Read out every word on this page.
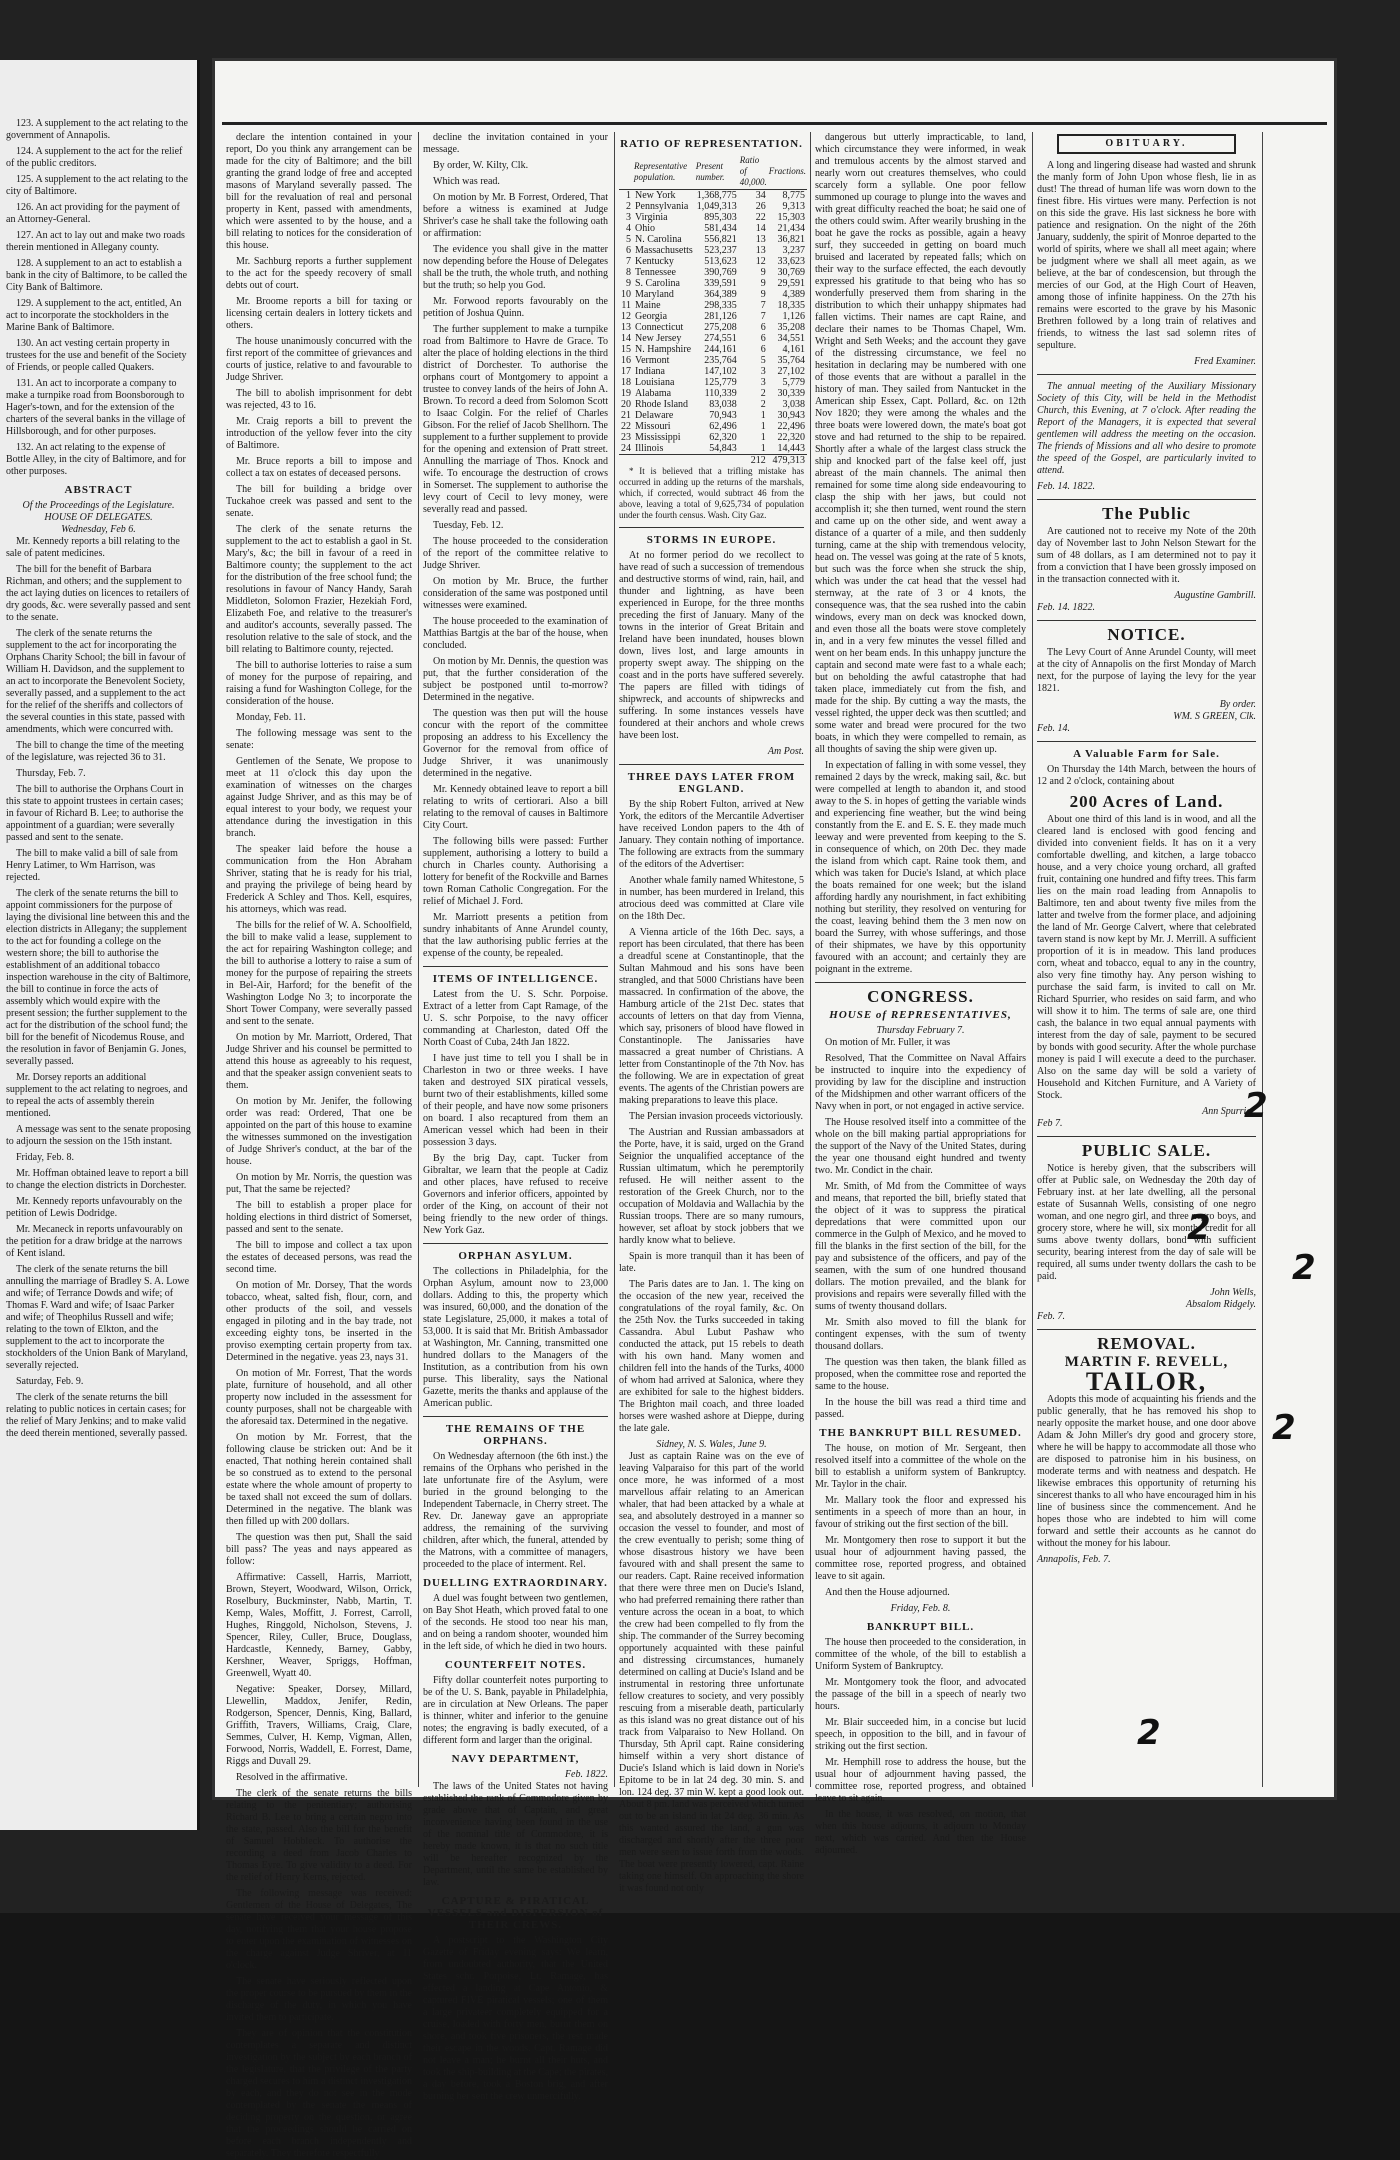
123. A supplement to the act relating to the government of Annapolis.

124. A supplement to the act for the relief of the public creditors.

125. A supplement to the act relating to the city of Baltimore.

126. An act providing for the payment of an Attorney-General.

127. An act to lay out and make two roads therein mentioned in Allegany county.

128. A supplement to an act to establish a bank in the city of Baltimore, to be called the City Bank of Baltimore.

129. A supplement to the act, entitled, An act to incorporate the stockholders in the Marine Bank of Baltimore.

130. An act vesting certain property in trustees for the use and benefit of the Society of Friends, or people called Quakers.

131. An act to incorporate a company to make a turnpike road from Boonsborough to Hager's-town, and for the extension of the charters of the several banks in the village of Hillsborough, and for other purposes.

132. An act relating to the expense of Bottle Alley, in the city of Baltimore, and for other purposes.

ABSTRACT
Of the Proceedings of the Legislature. HOUSE OF DELEGATES.
Wednesday, Feb 6.

Mr. Kennedy reports a bill relating to the sale of patent medicines.

The bill for the benefit of Barbara Richman, and others; and the supplement to the act laying duties on licences to retailers of dry goods, &c. were severally passed and sent to the senate.

The clerk of the senate returns the supplement to the act for incorporating the Orphans Charity School; the bill in favour of William H. Davidson, and the supplement to an act to incorporate the Benevolent Society, severally passed, and a supplement to the act for the relief of the sheriffs and collectors of the several counties in this state, passed with amendments, which were concurred with.

The bill to change the time of the meeting of the legislature, was rejected 36 to 31.

Thursday, Feb. 7.

The bill to authorise the Orphans Court in this state to appoint trustees in certain cases; in favour of Richard B. Lee; to authorise the appointment of a guardian; were severally passed and sent to the senate.

The bill to make valid a bill of sale from Henry Latimer, to Wm Harrison, was rejected.

The clerk of the senate returns the bill to appoint commissioners for the purpose of laying the divisional line between this and the election districts in Allegany; the supplement to the act for founding a college on the western shore; the bill to authorise the establishment of an additional tobacco inspection warehouse in the city of Baltimore, the bill to continue in force the acts of assembly which would expire with the present session; the further supplement to the act for the distribution of the school fund; the bill for the benefit of Nicodemus Rouse, and the resolution in favor of Benjamin G. Jones, severally passed.

Mr. Dorsey reports an additional supplement to the act relating to negroes, and to repeal the acts of assembly therein mentioned.

A message was sent to the senate proposing to adjourn the session on the 15th instant.

Friday, Feb. 8.

Mr. Hoffman obtained leave to report a bill to change the election districts in Dorchester.

Mr. Kennedy reports unfavourably on the petition of Lewis Dodridge.

Mr. Mecaneck in reports unfavourably on the petition for a draw bridge at the narrows of Kent island.

The clerk of the senate returns the bill annulling the marriage of Bradley S. A. Lowe and wife; of Terrance Dowds and wife; of Thomas F. Ward and wife; of Isaac Parker and wife; of Theophilus Russell and wife; relating to the town of Elkton, and the supplement to the act to incorporate the stockholders of the Union Bank of Maryland, severally rejected.

Saturday, Feb. 9.

The clerk of the senate returns the bill relating to public notices in certain cases; for the relief of Mary Jenkins; and to make valid the deed therein mentioned, severally passed.

declare the intention contained in your report, Do you think any arrangement can be made for the city of Baltimore; and the bill granting the grand lodge of free and accepted masons of Maryland severally passed. The bill for the revaluation of real and personal property in Kent, passed with amendments, which were assented to by the house, and a bill relating to notices for the consideration of this house.

Mr. Sachburg reports a further supplement to the act for the speedy recovery of small debts out of court.

Mr. Broome reports a bill for taxing or licensing certain dealers in lottery tickets and others.

The house unanimously concurred with the first report of the committee of grievances and courts of justice, relative to and favourable to Judge Shriver.

The bill to abolish imprisonment for debt was rejected, 43 to 16.

Mr. Craig reports a bill to prevent the introduction of the yellow fever into the city of Baltimore.

Mr. Bruce reports a bill to impose and collect a tax on estates of deceased persons.

The bill for building a bridge over Tuckahoe creek was passed and sent to the senate.

The clerk of the senate returns the supplement to the act to establish a gaol in St. Mary's, &c; the bill in favour of a reed in Baltimore county; the supplement to the act for the distribution of the free school fund; the resolutions in favour of Nancy Handy, Sarah Middleton, Solomon Frazier, Hezekiah Ford, Elizabeth Foe, and relative to the treasurer's and auditor's accounts, severally passed. The resolution relative to the sale of stock, and the bill relating to Baltimore county, rejected.

The bill to authorise lotteries to raise a sum of money for the purpose of repairing, and raising a fund for Washington College, for the consideration of the house.

Monday, Feb. 11.

The following message was sent to the senate:

Gentlemen of the Senate, We propose to meet at 11 o'clock this day upon the examination of witnesses on the charges against Judge Shriver, and as this may be of equal interest to your body, we request your attendance during the investigation in this branch.

The speaker laid before the house a communication from the Hon Abraham Shriver, stating that he is ready for his trial, and praying the privilege of being heard by Frederick A Schley and Thos. Kell, esquires, his attorneys, which was read.

The bills for the relief of W. A. Schoolfield, the bill to make valid a lease, supplement to the act for repairing Washington college; and the bill to authorise a lottery to raise a sum of money for the purpose of repairing the streets in Bel-Air, Harford; for the benefit of the Washington Lodge No 3; to incorporate the Short Tower Company, were severally passed and sent to the senate.

On motion by Mr. Marriott, Ordered, That Judge Shriver and his counsel be permitted to attend this house as agreeably to his request, and that the speaker assign convenient seats to them.

On motion by Mr. Jenifer, the following order was read: Ordered, That one be appointed on the part of this house to examine the witnesses summoned on the investigation of Judge Shriver's conduct, at the bar of the house.

On motion by Mr. Norris, the question was put, That the same be rejected?

The bill to establish a proper place for holding elections in third district of Somerset, passed and sent to the senate.

The bill to impose and collect a tax upon the estates of deceased persons, was read the second time.

On motion of Mr. Dorsey, That the words tobacco, wheat, salted fish, flour, corn, and other products of the soil, and vessels engaged in piloting and in the bay trade, not exceeding eighty tons, be inserted in the proviso exempting certain property from tax. Determined in the negative. yeas 23, nays 31.

On motion of Mr. Forrest, That the words plate, furniture of household, and all other property now included in the assessment for county purposes, shall not be chargeable with the aforesaid tax. Determined in the negative.

On motion by Mr. Forrest, that the following clause be stricken out: And be it enacted, That nothing herein contained shall be so construed as to extend to the personal estate where the whole amount of property to be taxed shall not exceed the sum of dollars. Determined in the negative. The blank was then filled up with 200 dollars.

The question was then put, Shall the said bill pass? The yeas and nays appeared as follow:

Affirmative: Cassell, Harris, Marriott, Brown, Steyert, Woodward, Wilson, Orrick, Roselbury, Buckminster, Nabb, Martin, T. Kemp, Wales, Moffitt, J. Forrest, Carroll, Hughes, Ringgold, Nicholson, Stevens, J. Spencer, Riley, Culler, Bruce, Douglass, Hardcastle, Kennedy, Barney, Gabby, Kershner, Weaver, Spriggs, Hoffman, Greenwell, Wyatt 40.

Negative: Speaker, Dorsey, Millard, Llewellin, Maddox, Jenifer, Redin, Rodgerson, Spencer, Dennis, King, Ballard, Griffith, Travers, Williams, Craig, Clare, Semmes, Culver, H. Kemp, Vigman, Allen, Forwood, Norris, Waddell, E. Forrest, Dame, Riggs and Duvall 29.

Resolved in the affirmative.

The clerk of the senate returns the bills relating to the penitentiary; authorising Richard B. Lee to bring a certain negro into the state, passed. Also the bill for the benefit of Samuel Hobbleck. To authorise the recording a deed from Jacob Charles to Thomas Eyre. To give validity to a deed. For the relief of Henry Kerns, rejected.

The following message was received: Gentlemen of the House of Delegates, The senate have received your message of this day, notifying them that your house propose to enter upon the examination of witnesses on the charge against Judge Shriver, at 11 o'clock.

The senate have seriously reflected upon the proper course to be pursued by them in the discharge of the duty, in which you have invited them to participate.

They are of opinion that the constitution contemplates a separate and distinct investigation by the subject by each branch of the legislature, that the privilege of the party charged secures to him a distinct investigation by each, and they do not see in the mode contemplated by the senate the means of deciding property on the question, or agree that the proceedings should be carried on before each branch independently and separately. They therefore respectfully

decline the invitation contained in your message.

By order, W. Kilty, Clk.

Which was read.

On motion by Mr. B Forrest, Ordered, That before a witness is examined at Judge Shriver's case he shall take the following oath or affirmation:

The evidence you shall give in the matter now depending before the House of Delegates shall be the truth, the whole truth, and nothing but the truth; so help you God.

Mr. Forwood reports favourably on the petition of Joshua Quinn.

The further supplement to make a turnpike road from Baltimore to Havre de Grace. To alter the place of holding elections in the third district of Dorchester. To authorise the orphans court of Montgomery to appoint a trustee to convey lands of the heirs of John A. Brown. To record a deed from Solomon Scott to Isaac Colgin. For the relief of Charles Gibson. For the relief of Jacob Shellhorn. The supplement to a further supplement to provide for the opening and extension of Pratt street. Annulling the marriage of Thos. Knock and wife. To encourage the destruction of crows in Somerset. The supplement to authorise the levy court of Cecil to levy money, were severally read and passed.

Tuesday, Feb. 12.

The house proceeded to the consideration of the report of the committee relative to Judge Shriver.

On motion by Mr. Bruce, the further consideration of the same was postponed until witnesses were examined.

The house proceeded to the examination of Matthias Bartgis at the bar of the house, when concluded.

On motion by Mr. Dennis, the question was put, that the further consideration of the subject be postponed until to-morrow? Determined in the negative.

The question was then put will the house concur with the report of the committee proposing an address to his Excellency the Governor for the removal from office of Judge Shriver, it was unanimously determined in the negative.

Mr. Kennedy obtained leave to report a bill relating to writs of certiorari. Also a bill relating to the removal of causes in Baltimore City Court.

The following bills were passed: Further supplement, authorising a lottery to build a church in Charles county. Authorising a lottery for benefit of the Rockville and Barnes town Roman Catholic Congregation. For the relief of Michael J. Ford.

Mr. Marriott presents a petition from sundry inhabitants of Anne Arundel county, that the law authorising public ferries at the expense of the county, be repealed.

ITEMS OF INTELLIGENCE.

Latest from the U. S. Schr. Porpoise. Extract of a letter from Capt Ramage, of the U. S. schr Porpoise, to the navy officer commanding at Charleston, dated Off the North Coast of Cuba, 24th Jan 1822.

I have just time to tell you I shall be in Charleston in two or three weeks. I have taken and destroyed SIX piratical vessels, burnt two of their establishments, killed some of their people, and have now some prisoners on board. I also recaptured from them an American vessel which had been in their possession 3 days.

By the brig Day, capt. Tucker from Gibraltar, we learn that the people at Cadiz and other places, have refused to receive Governors and inferior officers, appointed by order of the King, on account of their not being friendly to the new order of things. New York Gaz.

ORPHAN ASYLUM.

The collections in Philadelphia, for the Orphan Asylum, amount now to 23,000 dollars. Adding to this, the property which was insured, 60,000, and the donation of the state Legislature, 25,000, it makes a total of 53,000. It is said that Mr. British Ambassador at Washington, Mr. Canning, transmitted one hundred dollars to the Managers of the Institution, as a contribution from his own purse. This liberality, says the National Gazette, merits the thanks and applause of the American public.

THE REMAINS OF THE ORPHANS.

On Wednesday afternoon (the 6th inst.) the remains of the Orphans who perished in the late unfortunate fire of the Asylum, were buried in the ground belonging to the Independent Tabernacle, in Cherry street. The Rev. Dr. Janeway gave an appropriate address, the remaining of the surviving children, after which, the funeral, attended by the Matrons, with a committee of managers, proceeded to the place of interment. Rel.

DUELLING EXTRAORDINARY.

A duel was fought between two gentlemen, on Bay Shot Heath, which proved fatal to one of the seconds. He stood too near his man, and on being a random shooter, wounded him in the left side, of which he died in two hours.

COUNTERFEIT NOTES.

Fifty dollar counterfeit notes purporting to be of the U. S. Bank, payable in Philadelphia, are in circulation at New Orleans. The paper is thinner, whiter and inferior to the genuine notes; the engraving is badly executed, of a different form and larger than the original.

NAVY DEPARTMENT,
Feb. 1822.

The laws of the United States not having established the rank of Commodore given by grade above that of Captain, and great inconvenience having been found in the use of the nominal title of Commodore, it is hereby made known, it is that no such title will be hereafter recognized by the Department, until the same be established by law.

CAPTURE & PIRATICAL VESSELS and DISPERSION of THEIR CREWS.

A postscript to the Washington City Gazette of Friday evening says: We learn, from undoubted authority, that the United States schr. Porpoise, Lt. Ramage, has effected a landing at Cape Antonio, & captured FIVE piratical vessels; one of them a large privateer completely equipped for a cruise, loaded with forty men, burnt them on shore, and took five prisoners, the rest made their escape in the woods. Capt. Ramage did not leave a man; he burnt all their huts, and took the ship-building at the Cape; the pirates, a day before, took a Boston brig, and after burning her sent the crew unmercifully.

RATIO OF REPRESENTATION.
	Representative population.	Present number.	Ratio of 40,000.	Fractions.
1	New York	1,368,775	34	8,775
2	Pennsylvania	1,049,313	26	9,313
3	Virginia	895,303	22	15,303
4	Ohio	581,434	14	21,434
5	N. Carolina	556,821	13	36,821
6	Massachusetts	523,237	13	3,237
7	Kentucky	513,623	12	33,623
8	Tennessee	390,769	9	30,769
9	S. Carolina	339,591	9	29,591
10	Maryland	364,389	9	4,389
11	Maine	298,335	7	18,335
12	Georgia	281,126	7	1,126
13	Connecticut	275,208	6	35,208
14	New Jersey	274,551	6	34,551
15	N. Hampshire	244,161	6	4,161
16	Vermont	235,764	5	35,764
17	Indiana	147,102	3	27,102
18	Louisiana	125,779	3	5,779
19	Alabama	110,339	2	30,339
20	Rhode Island	83,038	2	3,038
21	Delaware	70,943	1	30,943
22	Missouri	62,496	1	22,496
23	Mississippi	62,320	1	22,320
24	Illinois	54,843	1	14,443
			212	479,313

* It is believed that a trifling mistake has occurred in adding up the returns of the marshals, which, if corrected, would subtract 46 from the above, leaving a total of 9,625,734 of population under the fourth census. Wash. City Gaz.

STORMS IN EUROPE.

At no former period do we recollect to have read of such a succession of tremendous and destructive storms of wind, rain, hail, and thunder and lightning, as have been experienced in Europe, for the three months preceding the first of January. Many of the towns in the interior of Great Britain and Ireland have been inundated, houses blown down, lives lost, and large amounts in property swept away. The shipping on the coast and in the ports have suffered severely. The papers are filled with tidings of shipwreck, and accounts of shipwrecks and suffering. In some instances vessels have foundered at their anchors and whole crews have been lost.

Am Post.
THREE DAYS LATER FROM ENGLAND.

By the ship Robert Fulton, arrived at New York, the editors of the Mercantile Advertiser have received London papers to the 4th of January. They contain nothing of importance. The following are extracts from the summary of the editors of the Advertiser:

Another whale family named Whitestone, 5 in number, has been murdered in Ireland, this atrocious deed was committed at Clare vile on the 18th Dec.

A Vienna article of the 16th Dec. says, a report has been circulated, that there has been a dreadful scene at Constantinople, that the Sultan Mahmoud and his sons have been strangled, and that 5000 Christians have been massacred. In confirmation of the above, the Hamburg article of the 21st Dec. states that accounts of letters on that day from Vienna, which say, prisoners of blood have flowed in Constantinople. The Janissaries have massacred a great number of Christians. A letter from Constantinople of the 7th Nov. has the following. We are in expectation of great events. The agents of the Christian powers are making preparations to leave this place.

The Persian invasion proceeds victoriously.

The Austrian and Russian ambassadors at the Porte, have, it is said, urged on the Grand Seignior the unqualified acceptance of the Russian ultimatum, which he peremptorily refused. He will neither assent to the restoration of the Greek Church, nor to the occupation of Moldavia and Wallachia by the Russian troops. There are so many rumours, however, set afloat by stock jobbers that we hardly know what to believe.

Spain is more tranquil than it has been of late.

The Paris dates are to Jan. 1. The king on the occasion of the new year, received the congratulations of the royal family, &c. On the 25th Nov. the Turks succeeded in taking Cassandra. Abul Lubut Pashaw who conducted the attack, put 15 rebels to death with his own hand. Many women and children fell into the hands of the Turks, 4000 of whom had arrived at Salonica, where they are exhibited for sale to the highest bidders. The Brighton mail coach, and three loaded horses were washed ashore at Dieppe, during the late gale.

Sidney, N. S. Wales, June 9.

Just as captain Raine was on the eve of leaving Valparaiso for this part of the world once more, he was informed of a most marvellous affair relating to an American whaler, that had been attacked by a whale at sea, and absolutely destroyed in a manner so occasion the vessel to founder, and most of the crew eventually to perish; some thing of whose disastrous history we have been favoured with and shall present the same to our readers. Capt. Raine received information that there were three men on Ducie's Island, who had preferred remaining there rather than venture across the ocean in a boat, to which the crew had been compelled to fly from the ship. The commander of the Surrey becoming opportunely acquainted with these painful and distressing circumstances, humanely determined on calling at Ducie's Island and be instrumental in restoring three unfortunate fellow creatures to society, and very possibly rescuing from a miserable death, particularly as this island was no great distance out of his track from Valparaiso to New Holland. On Thursday, 5th April capt. Raine considering himself within a very short distance of Ducie's Island which is laid down in Norie's Epitome to be in lat 24 deg. 30 min. S. and lon. 124 deg. 37 min W. kept a good look out. About 8 pm. land was perceived which turned out to be an island in lat 24 deg. 36 min. As this wanted assured the land, a gun was discharged and shortly after the three poor men were seen to issue forth from the woods. The boat were presently lowered, capt. Raine taking one himself. On approaching the shore it was found not only

dangerous but utterly impracticable, to land, which circumstance they were informed, in weak and tremulous accents by the almost starved and nearly worn out creatures themselves, who could scarcely form a syllable. One poor fellow summoned up courage to plunge into the waves and with great difficulty reached the boat; he said one of the others could swim. After wearily brushing in the boat he gave the rocks as possible, again a heavy surf, they succeeded in getting on board much bruised and lacerated by repeated falls; which on their way to the surface effected, the each devoutly expressed his gratitude to that being who has so wonderfully preserved them from sharing in the distribution to which their unhappy shipmates had fallen victims. Their names are capt Raine, and declare their names to be Thomas Chapel, Wm. Wright and Seth Weeks; and the account they gave of the distressing circumstance, we feel no hesitation in declaring may be numbered with one of those events that are without a parallel in the history of man. They sailed from Nantucket in the American ship Essex, Capt. Pollard, &c. on 12th Nov 1820; they were among the whales and the three boats were lowered down, the mate's boat got stove and had returned to the ship to be repaired. Shortly after a whale of the largest class struck the ship and knocked part of the false keel off, just abreast of the main channels. The animal then remained for some time along side endeavouring to clasp the ship with her jaws, but could not accomplish it; she then turned, went round the stern and came up on the other side, and went away a distance of a quarter of a mile, and then suddenly turning, came at the ship with tremendous velocity, head on. The vessel was going at the rate of 5 knots, but such was the force when she struck the ship, which was under the cat head that the vessel had sternway, at the rate of 3 or 4 knots, the consequence was, that the sea rushed into the cabin windows, every man on deck was knocked down, and even those all the boats were stove completely in, and in a very few minutes the vessel filled and went on her beam ends. In this unhappy juncture the captain and second mate were fast to a whale each; but on beholding the awful catastrophe that had taken place, immediately cut from the fish, and made for the ship. By cutting a way the masts, the vessel righted, the upper deck was then scuttled; and some water and bread were procured for the two boats, in which they were compelled to remain, as all thoughts of saving the ship were given up.

In expectation of falling in with some vessel, they remained 2 days by the wreck, making sail, &c. but were compelled at length to abandon it, and stood away to the S. in hopes of getting the variable winds and experiencing fine weather, but the wind being constantly from the E. and E. S. E. they made much leeway and were prevented from keeping to the S. in consequence of which, on 20th Dec. they made the island from which capt. Raine took them, and which was taken for Ducie's Island, at which place the boats remained for one week; but the island affording hardly any nourishment, in fact exhibiting nothing but sterility, they resolved on venturing for the coast, leaving behind them the 3 men now on board the Surrey, with whose sufferings, and those of their shipmates, we have by this opportunity favoured with an account; and certainly they are poignant in the extreme.

CONGRESS.
HOUSE of REPRESENTATIVES,
Thursday February 7.

On motion of Mr. Fuller, it was

Resolved, That the Committee on Naval Affairs be instructed to inquire into the expediency of providing by law for the discipline and instruction of the Midshipmen and other warrant officers of the Navy when in port, or not engaged in active service.

The House resolved itself into a committee of the whole on the bill making partial appropriations for the support of the Navy of the United States, during the year one thousand eight hundred and twenty two. Mr. Condict in the chair.

Mr. Smith, of Md from the Committee of ways and means, that reported the bill, briefly stated that the object of it was to suppress the piratical depredations that were committed upon our commerce in the Gulph of Mexico, and he moved to fill the blanks in the first section of the bill, for the pay and subsistence of the officers, and pay of the seamen, with the sum of one hundred thousand dollars. The motion prevailed, and the blank for provisions and repairs were severally filled with the sums of twenty thousand dollars.

Mr. Smith also moved to fill the blank for contingent expenses, with the sum of twenty thousand dollars.

The question was then taken, the blank filled as proposed, when the committee rose and reported the same to the house.

In the house the bill was read a third time and passed.

THE BANKRUPT BILL RESUMED.

The house, on motion of Mr. Sergeant, then resolved itself into a committee of the whole on the bill to establish a uniform system of Bankruptcy. Mr. Taylor in the chair.

Mr. Mallary took the floor and expressed his sentiments in a speech of more than an hour, in favour of striking out the first section of the bill.

Mr. Montgomery then rose to support it but the usual hour of adjournment having passed, the committee rose, reported progress, and obtained leave to sit again.

And then the House adjourned.

Friday, Feb. 8.
BANKRUPT BILL.

The house then proceeded to the consideration, in committee of the whole, of the bill to establish a Uniform System of Bankruptcy.

Mr. Montgomery took the floor, and advocated the passage of the bill in a speech of nearly two hours.

Mr. Blair succeeded him, in a concise but lucid speech, in opposition to the bill, and in favour of striking out the first section.

Mr. Hemphill rose to address the house, but the usual hour of adjournment having passed, the committee rose, reported progress, and obtained leave to sit again.

In the house, it was resolved, on motion, that when this house adjourns, it adjourn to Monday next, which was carried. And then the House adjourned.

OBITUARY.

A long and lingering disease had wasted and shrunk the manly form of John Upon whose flesh, lie in as dust! The thread of human life was worn down to the finest fibre. His virtues were many. Perfection is not on this side the grave. His last sickness he bore with patience and resignation. On the night of the 26th January, suddenly, the spirit of Monroe departed to the world of spirits, where we shall all meet again; where be judgment where we shall all meet again, as we believe, at the bar of condescension, but through the mercies of our God, at the High Court of Heaven, among those of infinite happiness. On the 27th his remains were escorted to the grave by his Masonic Brethren followed by a long train of relatives and friends, to witness the last sad solemn rites of sepulture.

Fred Examiner.

The annual meeting of the Auxiliary Missionary Society of this City, will be held in the Methodist Church, this Evening, at 7 o'clock. After reading the Report of the Managers, it is expected that several gentlemen will address the meeting on the occasion. The friends of Missions and all who desire to promote the speed of the Gospel, are particularly invited to attend.

Feb. 14. 1822.
The Public

Are cautioned not to receive my Note of the 20th day of November last to John Nelson Stewart for the sum of 48 dollars, as I am determined not to pay it from a conviction that I have been grossly imposed on in the transaction connected with it.

Augustine Gambrill.
Feb. 14. 1822.
NOTICE.

The Levy Court of Anne Arundel County, will meet at the city of Annapolis on the first Monday of March next, for the purpose of laying the levy for the year 1821.

By order.
WM. S GREEN, Clk.
Feb. 14.
A Valuable Farm for Sale.

On Thursday the 14th March, between the hours of 12 and 2 o'clock, containing about

200 Acres of Land.

About one third of this land is in wood, and all the cleared land is enclosed with good fencing and divided into convenient fields. It has on it a very comfortable dwelling, and kitchen, a large tobacco house, and a very choice young orchard, all grafted fruit, containing one hundred and fifty trees. This farm lies on the main road leading from Annapolis to Baltimore, ten and about twenty five miles from the latter and twelve from the former place, and adjoining the land of Mr. George Calvert, where that celebrated tavern stand is now kept by Mr. J. Merrill. A sufficient proportion of it is in meadow. This land produces corn, wheat and tobacco, equal to any in the country, also very fine timothy hay. Any person wishing to purchase the said farm, is invited to call on Mr. Richard Spurrier, who resides on said farm, and who will show it to him. The terms of sale are, one third cash, the balance in two equal annual payments with interest from the day of sale, payment to be secured by bonds with good security. After the whole purchase money is paid I will execute a deed to the purchaser. Also on the same day will be sold a variety of Household and Kitchen Furniture, and A Variety of Stock.

Ann Spurrier.
Feb 7.
PUBLIC SALE.

Notice is hereby given, that the subscribers will offer at Public sale, on Wednesday the 20th day of February inst. at her late dwelling, all the personal estate of Susannah Wells, consisting of one negro woman, and one negro girl, and three negro boys, and grocery store, where he will, six months credit for all sums above twenty dollars, bond with sufficient security, bearing interest from the day of sale will be required, all sums under twenty dollars the cash to be paid.

John Wells,
Absalom Ridgely.
Feb. 7.
REMOVAL.
MARTIN F. REVELL,
TAILOR,

Adopts this mode of acquainting his friends and the public generally, that he has removed his shop to nearly opposite the market house, and one door above Adam & John Miller's dry good and grocery store, where he will be happy to accommodate all those who are disposed to patronise him in his business, on moderate terms and with neatness and despatch. He likewise embraces this opportunity of returning his sincerest thanks to all who have encouraged him in his line of business since the commencement. And he hopes those who are indebted to him will come forward and settle their accounts as he cannot do without the money for his labour.

Annapolis, Feb. 7.
2
2
2
2
2
